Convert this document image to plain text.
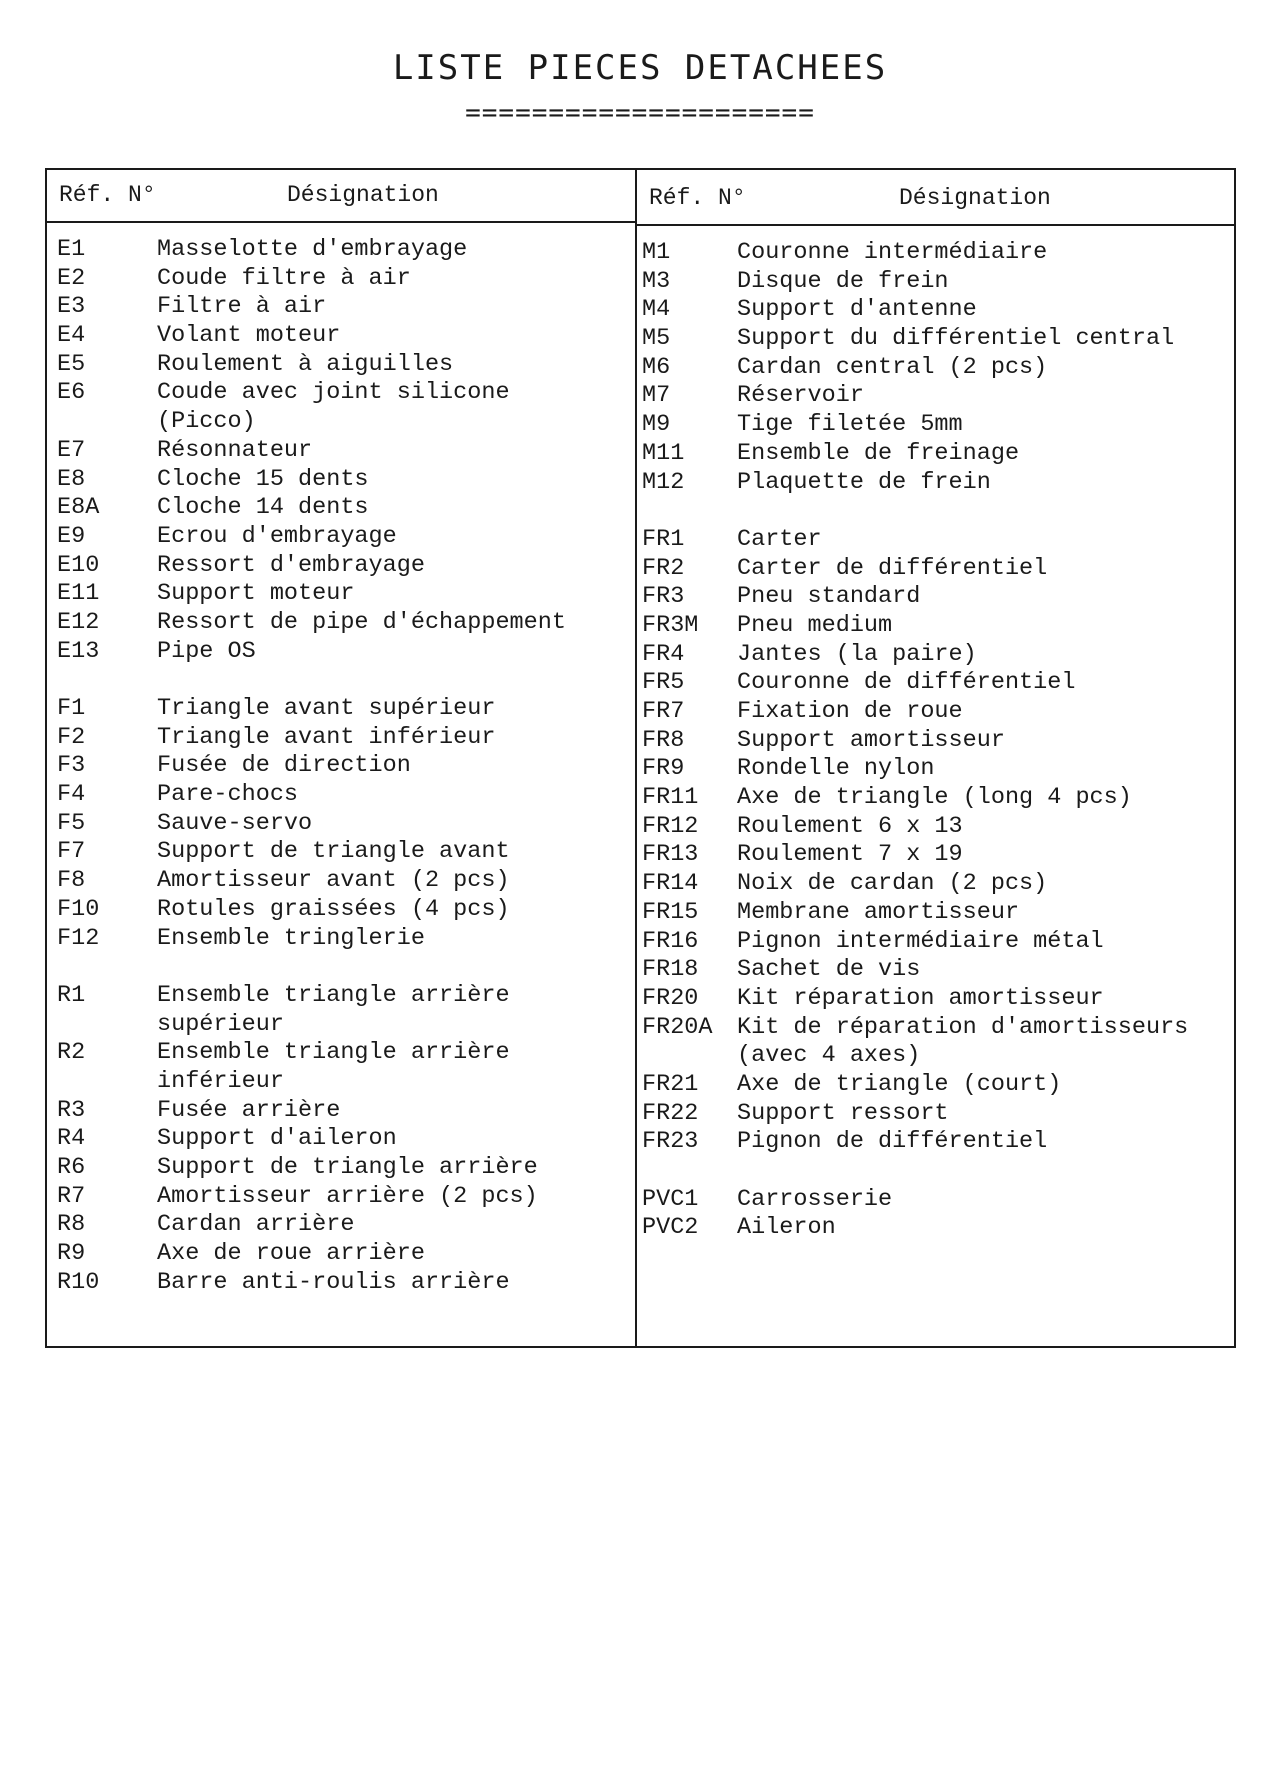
LISTE PIECES DETACHEES
=====================
Réf. N°	Désignation
E1	Masselotte d'embrayage
E2	Coude filtre à air
E3	Filtre à air
E4	Volant moteur
E5	Roulement à aiguilles
E6	Coude avec joint silicone
(Picco)
E7	Résonnateur
E8	Cloche 15 dents
E8A Cloche 14 dents
E9	Ecrou d'embrayage
E10 Ressort d'embrayage
E11 Support moteur
E12 Ressort de pipe d'échappement
E13 Pipe OS
F1	Triangle avant supérieur
F2	Triangle avant inférieur
F3	Fusée de direction
F4	Pare-chocs
F5	Sauve-servo
F7	Support de triangle avant
F8	Amortisseur avant (2 pcs)
F10 Rotules graissées (4 pcs)
F12 Ensemble tringlerie
R1	Ensemble triangle arrière
supérieur
R2	Ensemble triangle arrière
inférieur
R3	Fusée arrière
R4	Support d'aileron
R6	Support de triangle arrière
R7	Amortisseur arrière (2 pcs)
R8	Cardan arrière
R9	Axe de roue arrière
R10 Barre anti-roulis arrière
Réf. N°	Désignation
M1	Couronne intermédiaire
M3	Disque de frein
M4	Support d'antenne
M5	Support du différentiel central
M6	Cardan central (2 pcs)
M7	Réservoir
M9	Tige filetée 5mm
M11 Ensemble de freinage
M12 Plaquette de frein
FR1 Carter
FR2 Carter de différentiel
FR3 Pneu standard
FR3M Pneu medium
FR4 Jantes (la paire)
FR5 Couronne de différentiel
FR7 Fixation de roue
FR8 Support amortisseur
FR9 Rondelle nylon
FR11 Axe de triangle (long 4 pcs)
FR12 Roulement 6 x 13
FR13 Roulement 7 x 19
FR14 Noix de cardan (2 pcs)
FR15 Membrane amortisseur
FR16 Pignon intermédiaire métal
FR18 Sachet de vis
FR20 Kit réparation amortisseur
FR20A Kit de réparation d'amortisseurs
(avec 4 axes)
FR21 Axe de triangle (court)
FR22 Support ressort
FR23 Pignon de différentiel
PVC1 Carrosserie
PVC2 Aileron
